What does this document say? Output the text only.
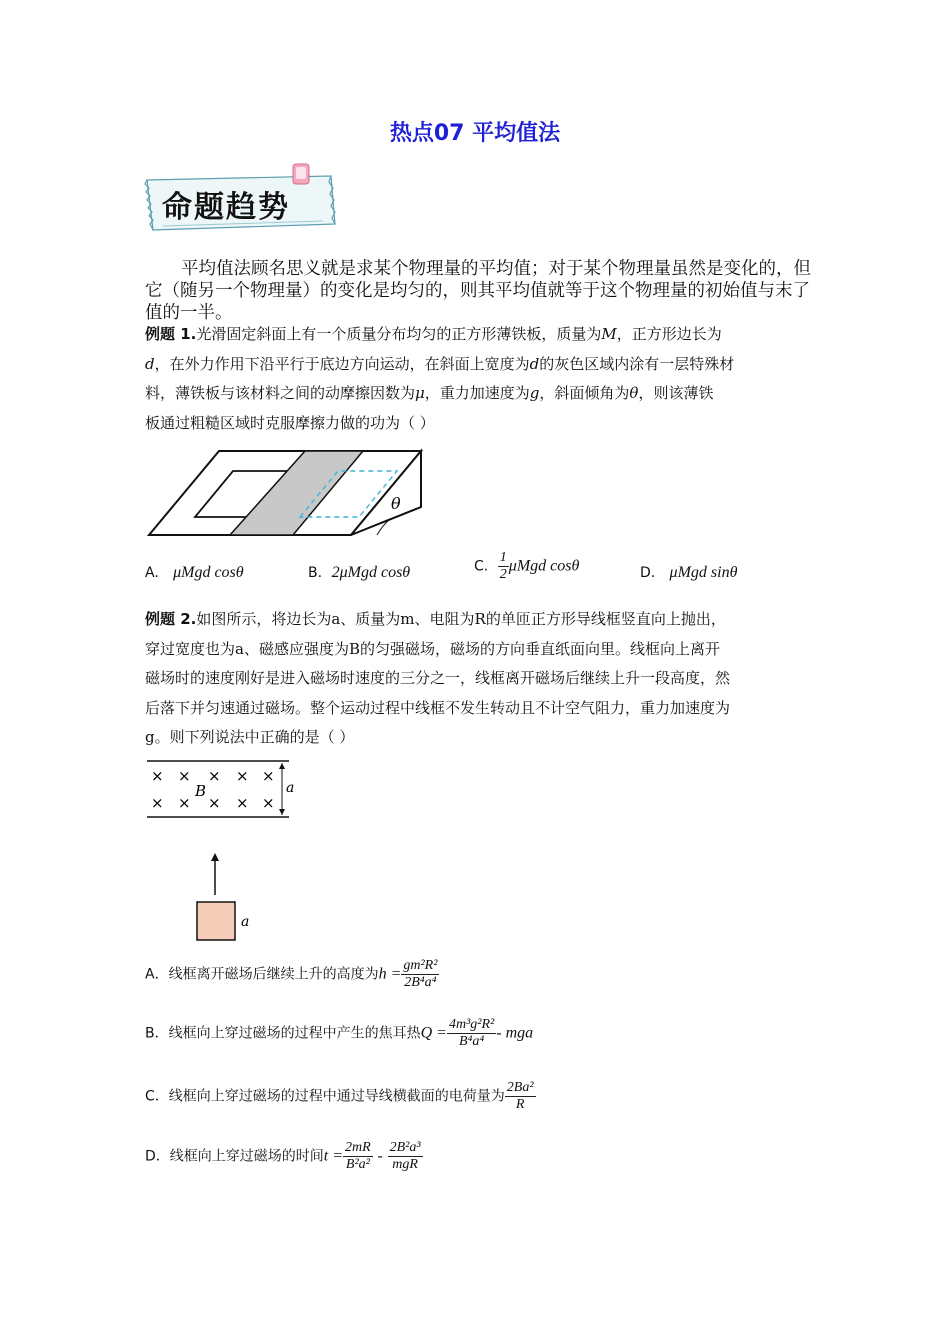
热点07 平均值法
命题趋势
平均值法顾名思义就是求某个物理量的平均值；对于某个物理量虽然是变化的，但它（随另一个物理量）的变化是均匀的，则其平均值就等于这个物理量的初始值与末了值的一半。
例题 1.光滑固定斜面上有一个质量分布均匀的正方形薄铁板，质量为M，正方形边长为
d，在外力作用下沿平行于底边方向运动，在斜面上宽度为d的灰色区域内涂有一层特殊材
料，薄铁板与该材料之间的动摩擦因数为μ，重力加速度为g，斜面倾角为θ，则该薄铁
板通过粗糙区域时克服摩擦力做的功为（ ）
θ
A. μMgd cosθ	B. 2μMgd cosθ	C. $\frac{1}{2}$ μMgd cosθ	D. μMgd sinθ
例题 2.如图所示，将边长为a、质量为m、电阻为R的单匝正方形导线框竖直向上抛出，
穿过宽度也为a、磁感应强度为B的匀强磁场，磁场的方向垂直纸面向里。线框向上离开
磁场时的速度刚好是进入磁场时速度的三分之一，线框离开磁场后继续上升一段高度，然
后落下并匀速通过磁场。整个运动过程中线框不发生转动且不计空气阻力，重力加速度为
g。则下列说法中正确的是（ ）
× × × × ×
× × × × ×
B	a
a
A．线框离开磁场后继续上升的高度为$h = \frac{\text{gm²R²}}{\text{2B⁴a⁴}}$
B．线框向上穿过磁场的过程中产生的焦耳热$Q = \frac{\text{4m³g²R²}}{\text{B⁴a⁴}}$ - mga
C．线框向上穿过磁场的过程中通过导线横截面的电荷量为 $\frac{\text{2Ba²}}{R}$
D．线框向上穿过磁场的时间$t = \frac{2mR}{\text{B²a²}} - \frac{\text{2B²a³}}{\text{mgR}}$
